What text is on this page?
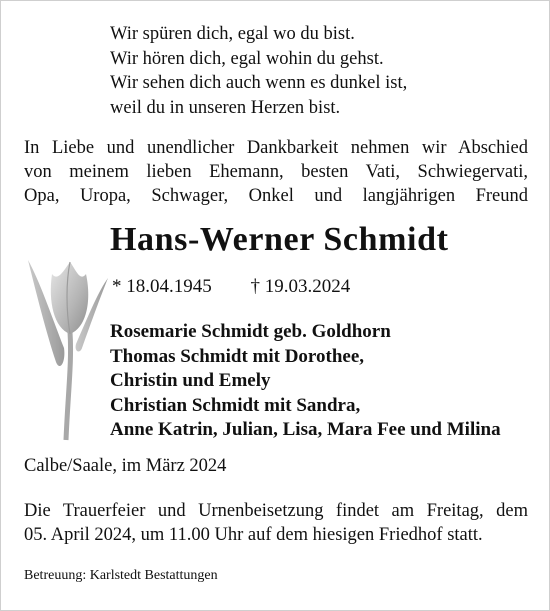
Wir spüren dich, egal wo du bist.
Wir hören dich, egal wohin du gehst.
Wir sehen dich auch wenn es dunkel ist,
weil du in unseren Herzen bist.
In Liebe und unendlicher Dankbarkeit nehmen wir Abschied
von meinem lieben Ehemann, besten Vati, Schwiegervati,
Opa, Uropa, Schwager, Onkel und langjährigen Freund
Hans-Werner Schmidt
* 18.04.1945 † 19.03.2024
Rosemarie Schmidt geb. Goldhorn
Thomas Schmidt mit Dorothee,
Christin und Emely
Christian Schmidt mit Sandra,
Anne Katrin, Julian, Lisa, Mara Fee und Milina
Calbe/Saale, im März 2024
Die Trauerfeier und Urnenbeisetzung findet am Freitag, dem
05. April 2024, um 11.00 Uhr auf dem hiesigen Friedhof statt.
Betreuung: Karlstedt Bestattungen
